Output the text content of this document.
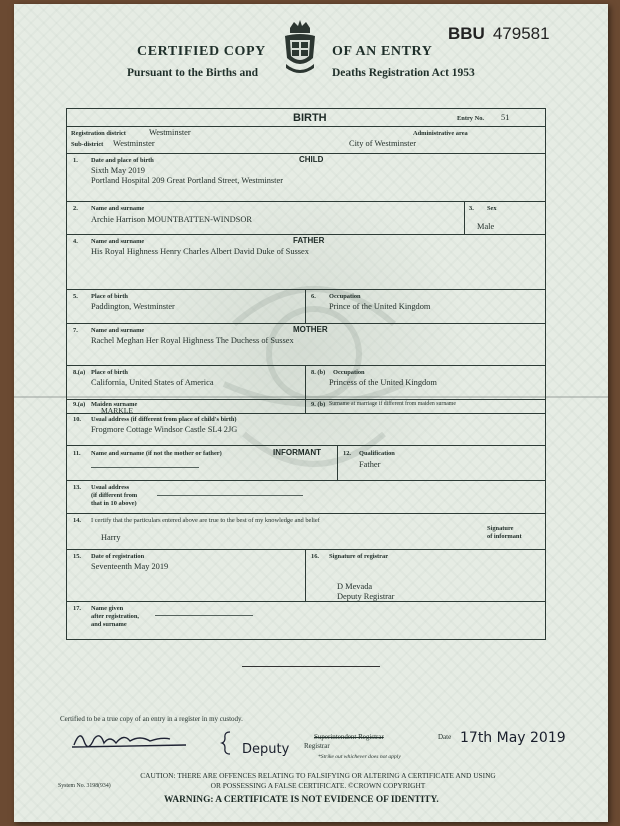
CERTIFIED COPY	OF AN ENTRY
Pursuant to the Births and	Deaths Registration Act 1953
BBU 479581
BIRTH	Entry No. 51
Registration district	Westminster	Administrative area
Sub-district Westminster	City of Westminster
1. Date and place of birth	CHILD
Sixth May 2019
Portland Hospital 209 Great Portland Street, Westminster
2. Name and surname
Archie Harrison MOUNTBATTEN-WINDSOR
3. Sex
Male
4. Name and surname	FATHER
His Royal Highness Henry Charles Albert David Duke of Sussex
5. Place of birth
Paddington, Westminster
6. Occupation
Prince of the United Kingdom
7. Name and surname	MOTHER
Rachel Meghan Her Royal Highness The Duchess of Sussex
8.(a) Place of birth
California, United States of America
8. (b) Occupation
Princess of the United Kingdom
9.(a) Maiden surname
MARKLE
9. (b) Surname at marriage if different from maiden surname
10. Usual address (if different from place of child's birth)
Frogmore Cottage Windsor Castle SL4 2JG
11. Name and surname (if not the mother or father)	INFORMANT	12. Qualification
Father
13. Usual address
(if different from
that in 10 above)
14. I certify that the particulars entered above are true to the best of my knowledge and belief
Harry
Signature
of informant
15. Date of registration
Seventeenth May 2019
16. Signature of registrar
D Mevada
Deputy Registrar
17. Name given
after registration,
and surname
Certified to be a true copy of an entry in a register in my custody.
Deputy
Superintendent Registrar
Registrar
*Strike out whichever does not apply
Date 17th May 2019
System No. 3198(934)
CAUTION: THERE ARE OFFENCES RELATING TO FALSIFYING OR ALTERING A CERTIFICATE AND USING
OR POSSESSING A FALSE CERTIFICATE. ©CROWN COPYRIGHT
WARNING: A CERTIFICATE IS NOT EVIDENCE OF IDENTITY.
